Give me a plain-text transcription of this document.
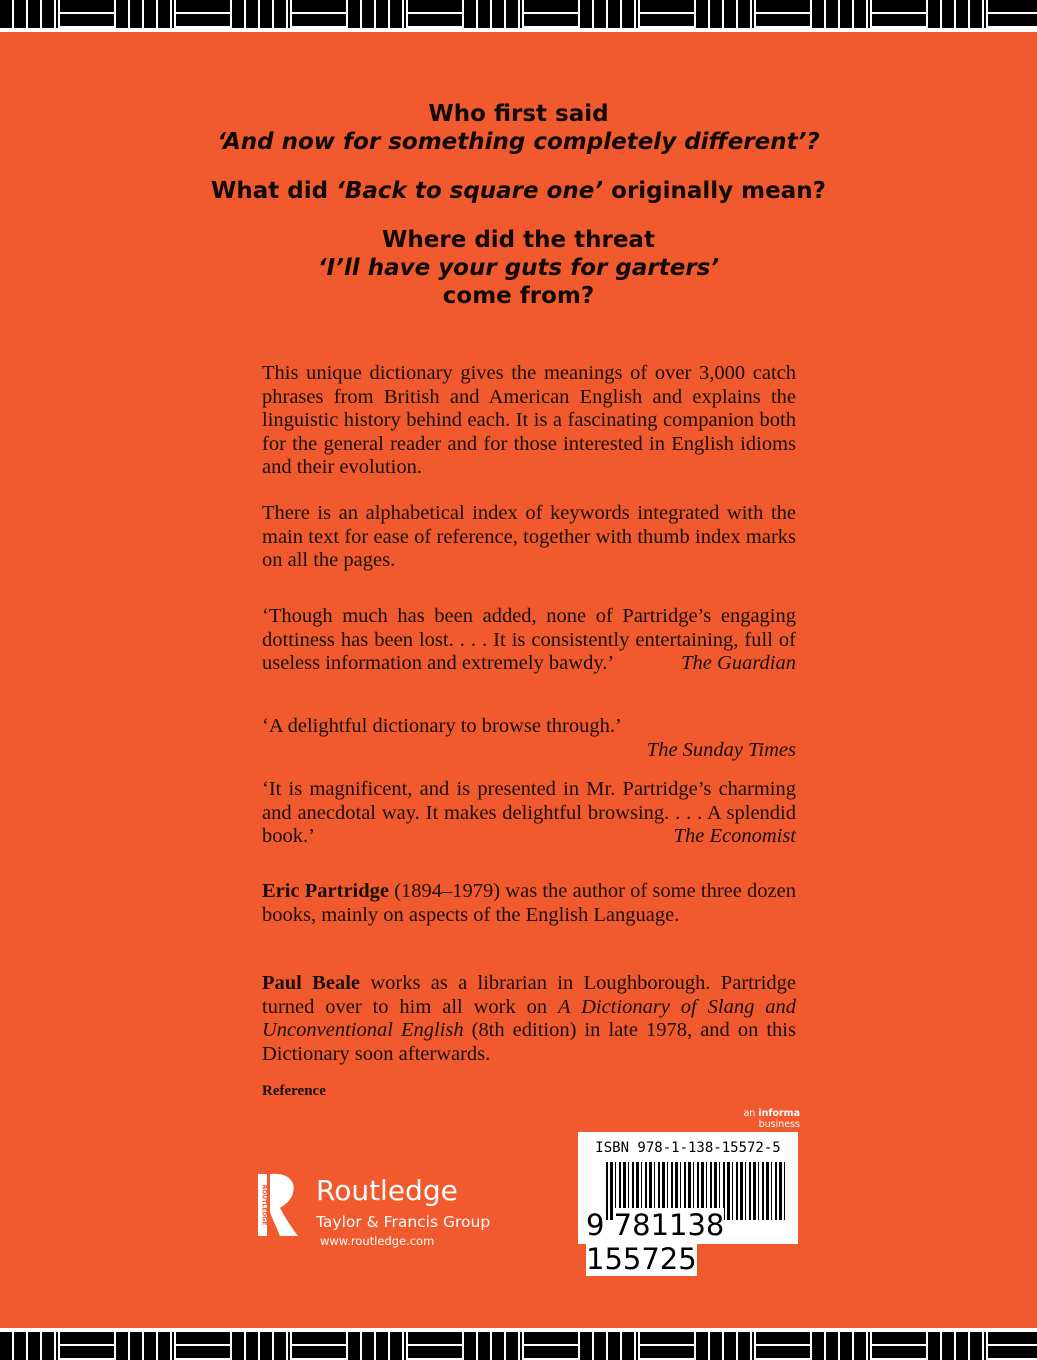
Who first said
‘And now for something completely different’?
What did ‘Back to square one’ originally mean?
Where did the threat
‘I’ll have your guts for garters’
come from?

This unique dictionary gives the meanings of over 3,000 catch phrases from British and American English and explains the linguistic history behind each. It is a fascinating companion both for the general reader and for those interested in English idioms and their evolution.

There is an alphabetical index of keywords integrated with the main text for ease of reference, together with thumb index marks on all the pages.

‘Though much has been added, none of Partridge’s engaging dottiness has been lost. . . . It is consistently entertaining, full of useless information and extremely bawdy.’	The Guardian

‘A delightful dictionary to browse through.’

The Sunday Times

‘It is magnificent, and is presented in Mr. Partridge’s charming and anecdotal way. It makes delightful browsing. . . . A splendid book.’	The Economist

Eric Partridge (1894–1979) was the author of some three dozen books, mainly on aspects of the English Language.

Paul Beale works as a librarian in Loughborough. Partridge turned over to him all work on A Dictionary of Slang and Unconventional English (8th edition) in late 1978, and on this Dictionary soon afterwards.

Reference
an informa business
ISBN 978-1-138-15572-5
9 781138 155725
ROUTLEDGE Routledge
Taylor & Francis Group
www.routledge.com
